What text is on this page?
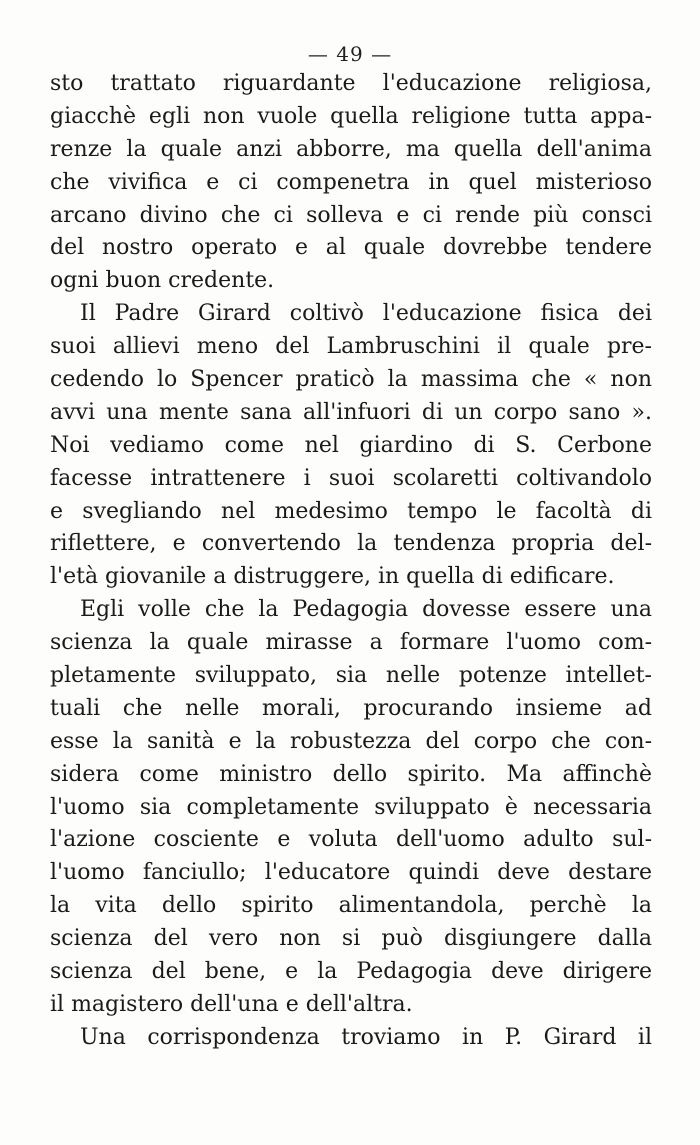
— 49 —
sto trattato riguardante l'educazione religiosa,
giacchè egli non vuole quella religione tutta appa-
renze la quale anzi abborre, ma quella dell'anima
che vivifica e ci compenetra in quel misterioso
arcano divino che ci solleva e ci rende più consci
del nostro operato e al quale dovrebbe tendere
ogni buon credente.
Il Padre Girard coltivò l'educazione fisica dei
suoi allievi meno del Lambruschini il quale pre-
cedendo lo Spencer praticò la massima che « non
avvi una mente sana all'infuori di un corpo sano ».
Noi vediamo come nel giardino di S. Cerbone
facesse intrattenere i suoi scolaretti coltivandolo
e svegliando nel medesimo tempo le facoltà di
riflettere, e convertendo la tendenza propria del-
l'età giovanile a distruggere, in quella di edificare.
Egli volle che la Pedagogia dovesse essere una
scienza la quale mirasse a formare l'uomo com-
pletamente sviluppato, sia nelle potenze intellet-
tuali che nelle morali, procurando insieme ad
esse la sanità e la robustezza del corpo che con-
sidera come ministro dello spirito. Ma affinchè
l'uomo sia completamente sviluppato è necessaria
l'azione cosciente e voluta dell'uomo adulto sul-
l'uomo fanciullo; l'educatore quindi deve destare
la vita dello spirito alimentandola, perchè la
scienza del vero non si può disgiungere dalla
scienza del bene, e la Pedagogia deve dirigere
il magistero dell'una e dell'altra.
Una corrispondenza troviamo in P. Girard il
